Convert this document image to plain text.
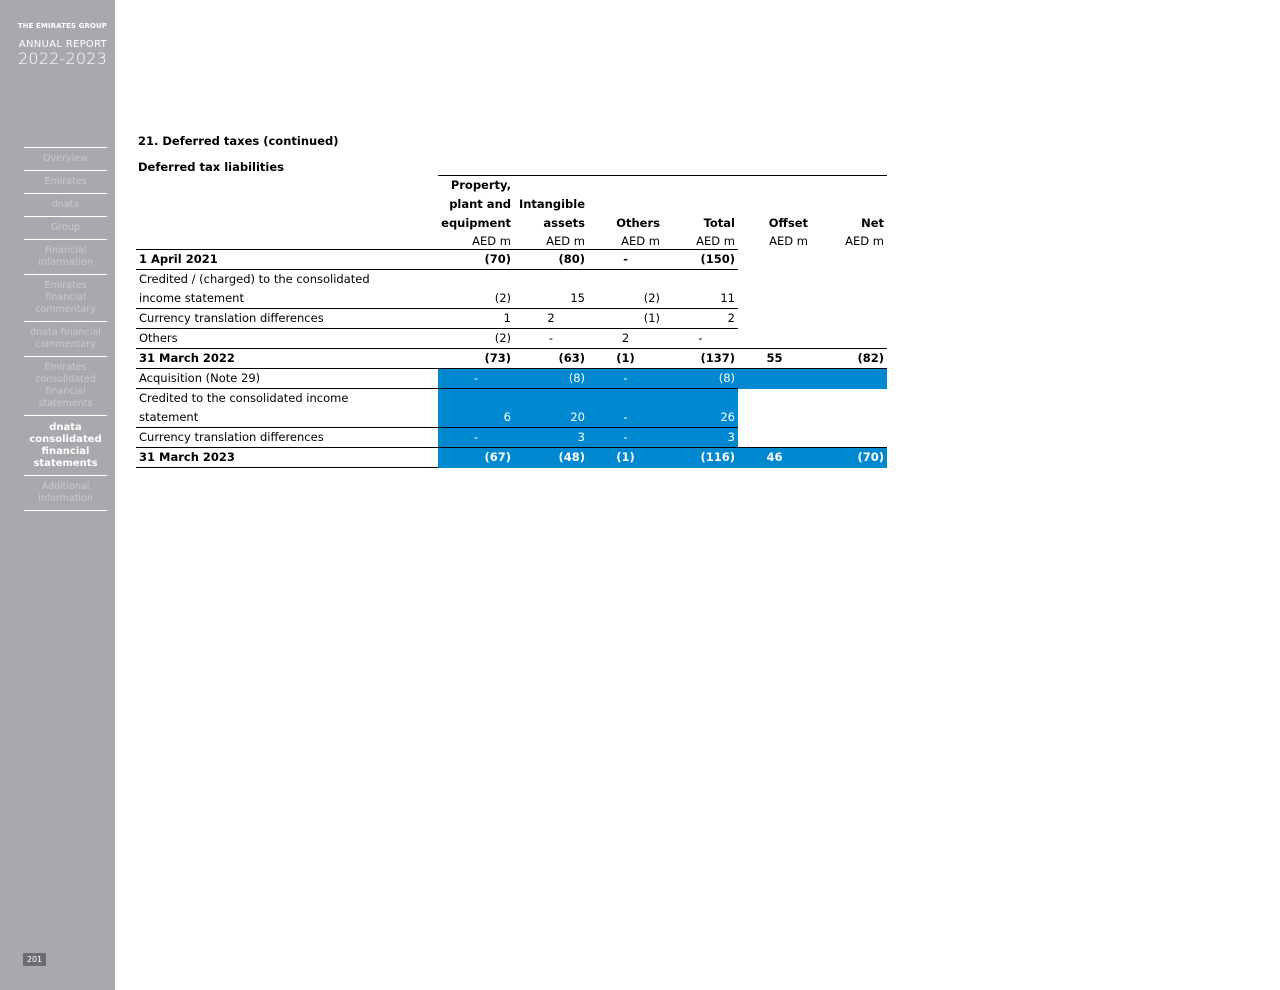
THE EMIRATES GROUP
ANNUAL REPORT
2022-2023
Overview
Emirates
dnata
Group
Financial information
Emirates financial commentary
dnata financial commentary
Emirates consolidated financial statements
dnata consolidated financial statements
Additional information
201
21. Deferred taxes (continued)
Deferred tax liabilities
	Property,					
	plant and	Intangible				
	equipment	assets	Others	Total	Offset	Net
	AED m	AED m	AED m	AED m	AED m	AED m
1 April 2021	(70)	(80)	-	(150)		
Credited / (charged) to the consolidated						
income statement	(2)	15	(2)	11		
Currency translation differences	1	2	(1)	2		
Others	(2)	-	2	-		
31 March 2022	(73)	(63)	(1)	(137)	55	(82)
Acquisition (Note 29)	-	(8)	-	(8)		
Credited to the consolidated income						
statement	6	20	-	26		
Currency translation differences	-	3	-	3		
31 March 2023	(67)	(48)	(1)	(116)	46	(70)
